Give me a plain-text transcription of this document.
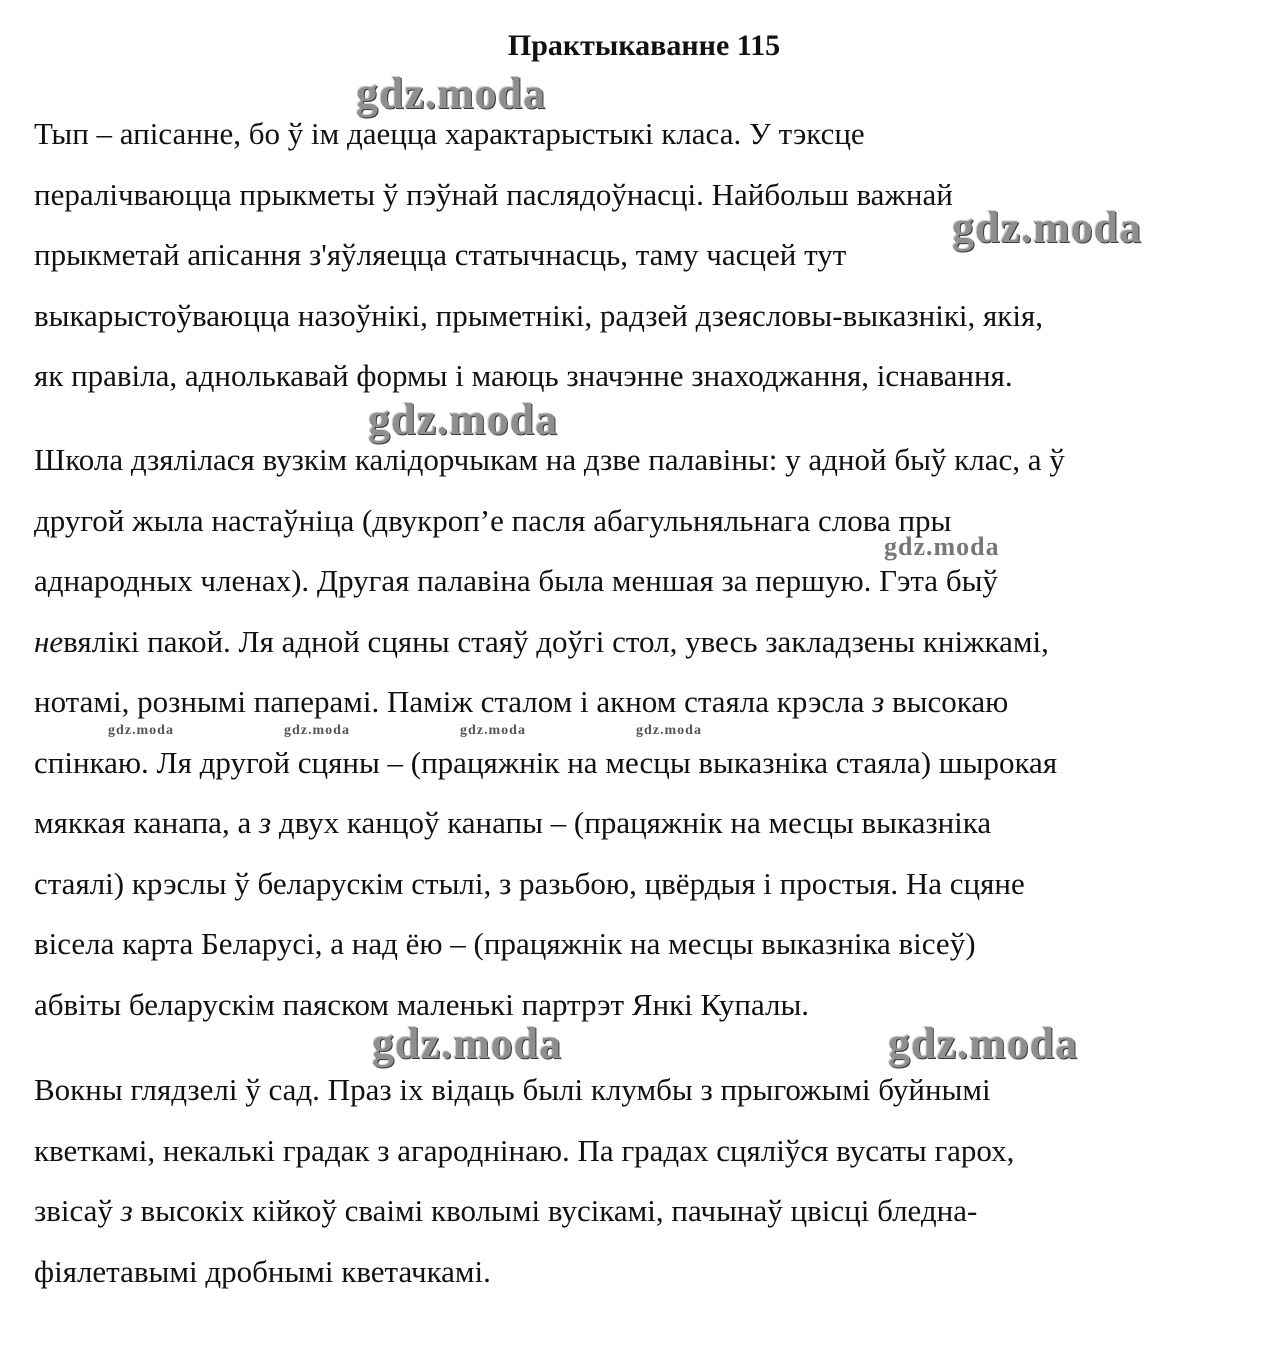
Практыкаванне 115
Тып – апісанне, бо ў ім даецца характарыстыкі класа. У тэксце
пералічваюцца прыкметы ў пэўнай паслядоўнасці. Найбольш важнай
прыкметай апісання з'яўляецца статычнасць, таму часцей тут
выкарыстоўваюцца назоўнікі, прыметнікі, радзей дзеясловы-выказнікі, якія,
як правіла, аднолькавай формы і маюць значэнне знаходжання, існавання.
Школа дзялілася вузкім калідорчыкам на дзве палавіны: у адной быў клас, а ў
другой жыла настаўніца (двукроп’е пасля абагульняльнага слова пры
аднародных членах). Другая палавіна была меншая за першую. Гэта быў
невялікі пакой. Ля адной сцяны стаяў доўгі стол, увесь закладзены кніжкамі,
нотамі, рознымі паперамі. Паміж сталом і акном стаяла крэсла з высокаю
спінкаю. Ля другой сцяны – (працяжнік на месцы выказніка стаяла) шырокая
мяккая канапа, а з двух канцоў канапы – (працяжнік на месцы выказніка
стаялі) крэслы ў беларускім стылі, з разьбою, цвёрдыя і простыя. На сцяне
вісела карта Беларусі, а над ёю – (працяжнік на месцы выказніка вісеў)
абвіты беларускім паяском маленькі партрэт Янкі Купалы.
Вокны глядзелі ў сад. Праз іх відаць былі клумбы з прыгожымі буйнымі
кветкамі, некалькі градак з агароднінаю. Па градах сцяліўся вусаты гарох,
звісаў з высокіх кійкоў сваімі кволымі вусікамі, пачынаў цвісці бледна-
фіялетавымі дробнымі кветачкамі.
gdz.moda
gdz.moda
gdz.moda
gdz.moda
gdz.moda	gdz.moda	gdz.moda	gdz.moda
gdz.moda	gdz.moda
